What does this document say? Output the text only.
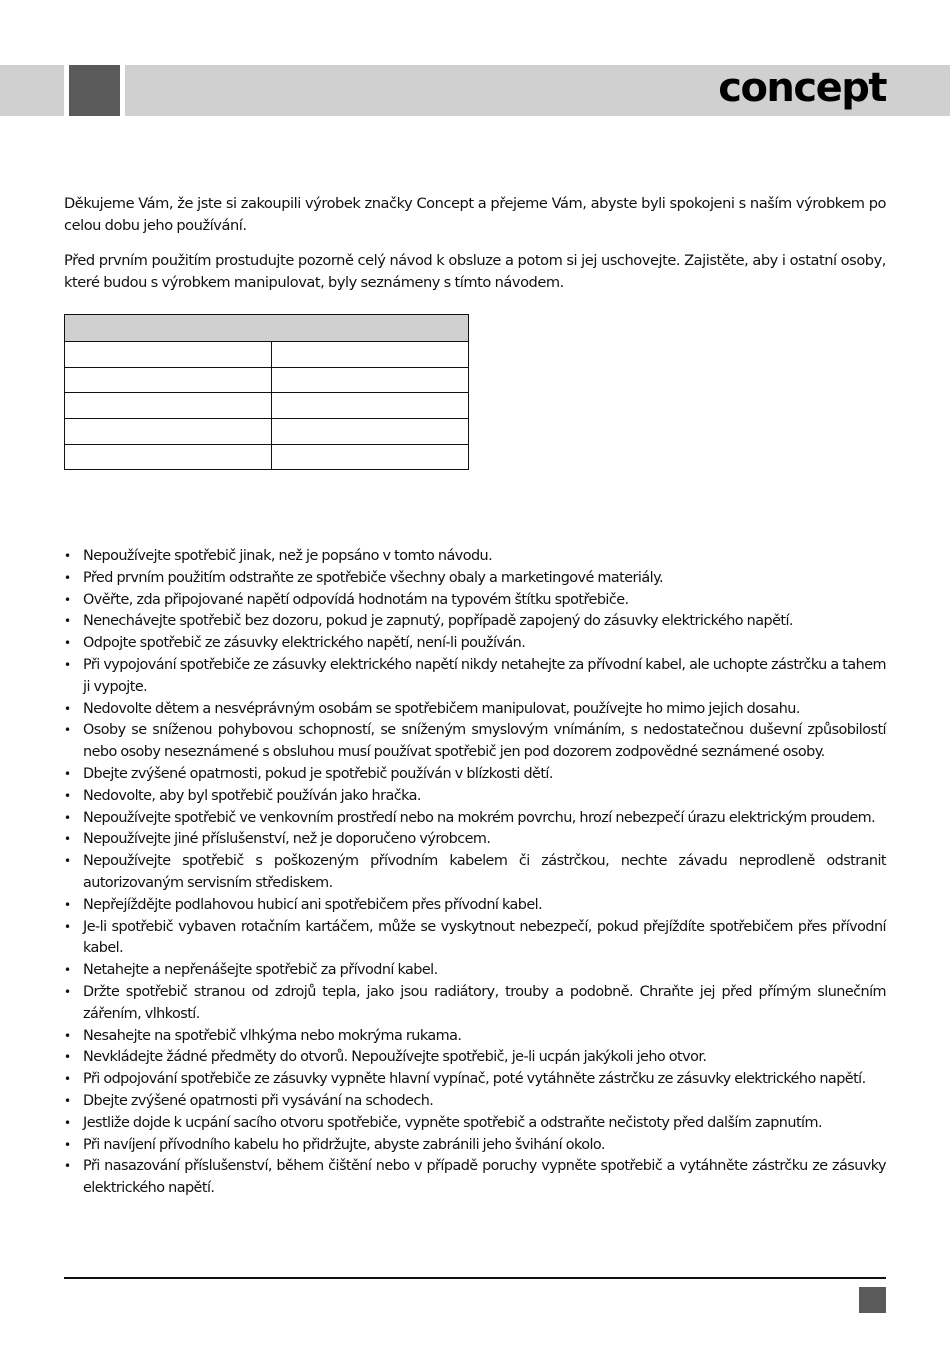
concept

Děkujeme Vám, že jste si zakoupili výrobek značky Concept a přejeme Vám, abyste byli spokojeni s naším výrobkem po celou dobu jeho používání.

Před prvním použitím prostudujte pozorně celý návod k obsluze a potom si jej uschovejte. Zajistěte, aby i ostatní osoby, které budou s výrobkem manipulovat, byly seznámeny s tímto návodem.

• Nepoužívejte spotřebič jinak, než je popsáno v tomto návodu.
• Před prvním použitím odstraňte ze spotřebiče všechny obaly a marketingové materiály.
• Ověřte, zda připojované napětí odpovídá hodnotám na typovém štítku spotřebiče.
• Nenechávejte spotřebič bez dozoru, pokud je zapnutý, popřípadě zapojený do zásuvky elektrického napětí.
• Odpojte spotřebič ze zásuvky elektrického napětí, není-li používán.
• Při vypojování spotřebiče ze zásuvky elektrického napětí nikdy netahejte za přívodní kabel, ale uchopte zástrčku a tahem ji vypojte.
• Nedovolte dětem a nesvéprávným osobám se spotřebičem manipulovat, používejte ho mimo jejich dosahu.
• Osoby se sníženou pohybovou schopností, se sníženým smyslovým vnímáním, s nedostatečnou duševní způsobilostí nebo osoby neseznámené s obsluhou musí používat spotřebič jen pod dozorem zodpovědné seznámené osoby.
• Dbejte zvýšené opatrnosti, pokud je spotřebič používán v blízkosti dětí.
• Nedovolte, aby byl spotřebič používán jako hračka.
• Nepoužívejte spotřebič ve venkovním prostředí nebo na mokrém povrchu, hrozí nebezpečí úrazu elektrickým proudem.
• Nepoužívejte jiné příslušenství, než je doporučeno výrobcem.
• Nepoužívejte spotřebič s poškozeným přívodním kabelem či zástrčkou, nechte závadu neprodleně odstranit autorizovaným servisním střediskem.
• Nepřejíždějte podlahovou hubicí ani spotřebičem přes přívodní kabel.
• Je-li spotřebič vybaven rotačním kartáčem, může se vyskytnout nebezpečí, pokud přejíždíte spotřebičem přes přívodní kabel.
• Netahejte a nepřenášejte spotřebič za přívodní kabel.
• Držte spotřebič stranou od zdrojů tepla, jako jsou radiátory, trouby a podobně. Chraňte jej před přímým slunečním zářením, vlhkostí.
• Nesahejte na spotřebič vlhkýma nebo mokrýma rukama.
• Nevkládejte žádné předměty do otvorů. Nepoužívejte spotřebič, je-li ucpán jakýkoli jeho otvor.
• Při odpojování spotřebiče ze zásuvky vypněte hlavní vypínač, poté vytáhněte zástrčku ze zásuvky elektrického napětí.
• Dbejte zvýšené opatrnosti při vysávání na schodech.
• Jestliže dojde k ucpání sacího otvoru spotřebiče, vypněte spotřebič a odstraňte nečistoty před dalším zapnutím.
• Při navíjení přívodního kabelu ho přidržujte, abyste zabránili jeho švihání okolo.
• Při nasazování příslušenství, během čištění nebo v případě poruchy vypněte spotřebič a vytáhněte zástrčku ze zásuvky elektrického napětí.
